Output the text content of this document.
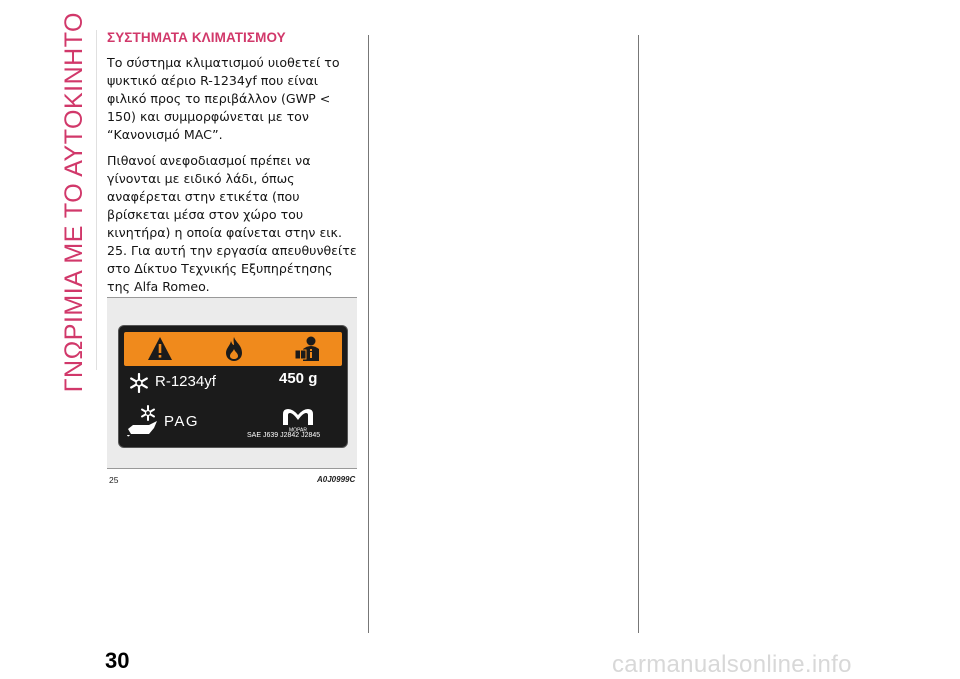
ΓΝΩΡΙΜΙΑ ΜΕ ΤΟ ΑΥΤΟΚΙΝΗΤΟ ΣΥΣΤΗΜΑΤΑ ΚΛΙΜΑΤΙΣΜΟΥ

Το σύστημα κλιματισμού υιοθετεί το ψυκτικό αέριο R-1234yf που είναι φιλικό προς το περιβάλλον (GWP < 150) και συμμορφώνεται με τον “Κανονισμό MAC”.

Πιθανοί ανεφοδιασμοί πρέπει να γίνονται με ειδικό λάδι, όπως αναφέρεται στην ετικέτα (που βρίσκεται μέσα στον χώρο του κινητήρα) η οποία φαίνεται στην εικ. 25. Για αυτή την εργασία απευθυνθείτε στο Δίκτυο Τεχνικής Εξυπηρέτησης της Alfa Romeo.

R-1234yf	450 g
PAG
MOPAR
SAE J639 J2842 J2845
25	A0J0999C
30	carmanualsonline.info
